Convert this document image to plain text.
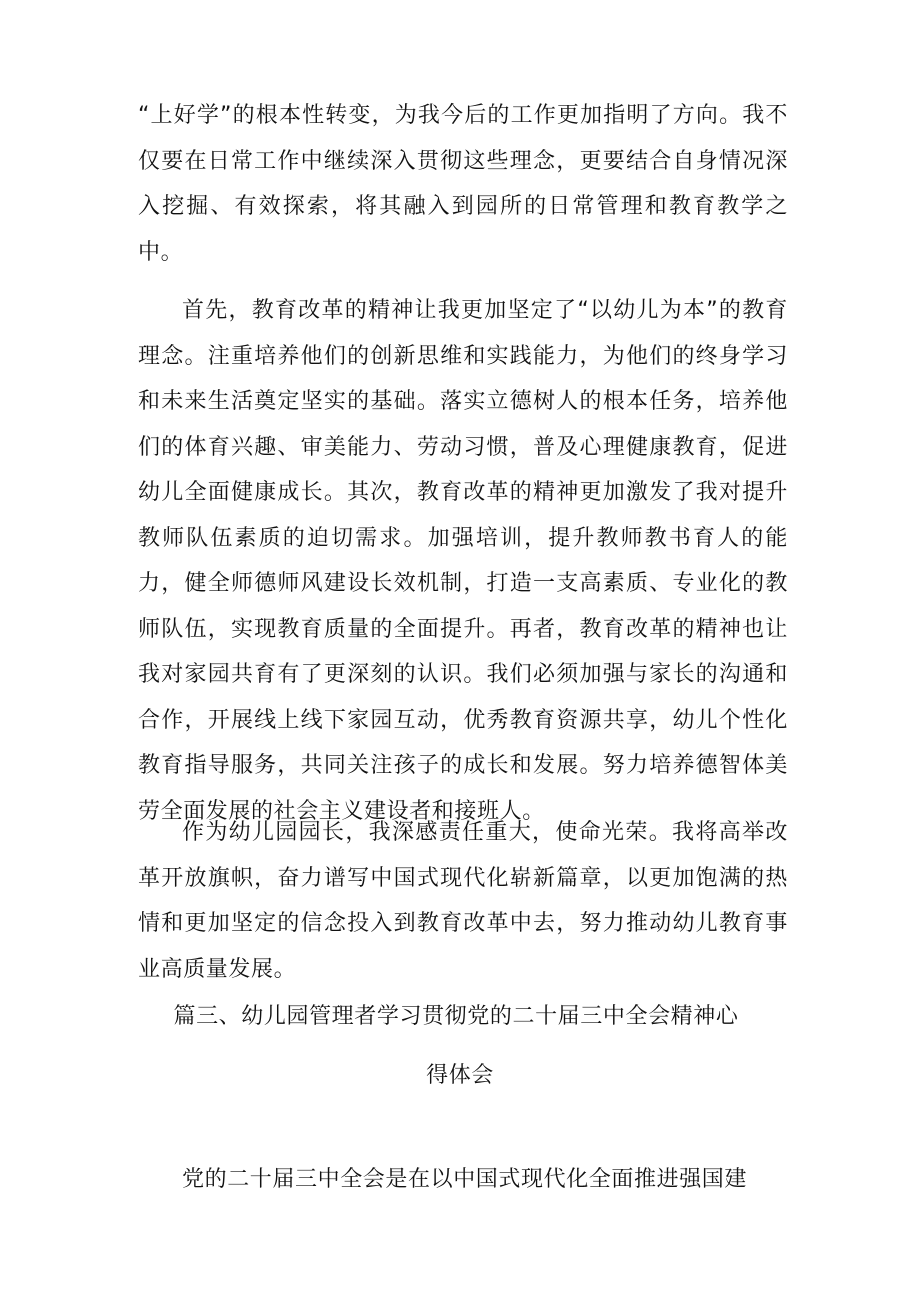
“上好学”的根本性转变，为我今后的工作更加指明了方向。我不仅要在日常工作中继续深入贯彻这些理念，更要结合自身情况深入挖掘、有效探索，将其融入到园所的日常管理和教育教学之中。

首先，教育改革的精神让我更加坚定了“以幼儿为本”的教育理念。注重培养他们的创新思维和实践能力，为他们的终身学习和未来生活奠定坚实的基础。落实立德树人的根本任务，培养他们的体育兴趣、审美能力、劳动习惯，普及心理健康教育，促进幼儿全面健康成长。其次，教育改革的精神更加激发了我对提升教师队伍素质的迫切需求。加强培训，提升教师教书育人的能力，健全师德师风建设长效机制，打造一支高素质、专业化的教师队伍，实现教育质量的全面提升。再者，教育改革的精神也让我对家园共育有了更深刻的认识。我们必须加强与家长的沟通和合作，开展线上线下家园互动，优秀教育资源共享，幼儿个性化教育指导服务，共同关注孩子的成长和发展。努力培养德智体美劳全面发展的社会主义建设者和接班人。

作为幼儿园园长，我深感责任重大，使命光荣。我将高举改革开放旗帜，奋力谱写中国式现代化崭新篇章，以更加饱满的热情和更加坚定的信念投入到教育改革中去，努力推动幼儿教育事业高质量发展。

篇三、幼儿园管理者学习贯彻党的二十届三中全会精神心

得体会

党的二十届三中全会是在以中国式现代化全面推进强国建
